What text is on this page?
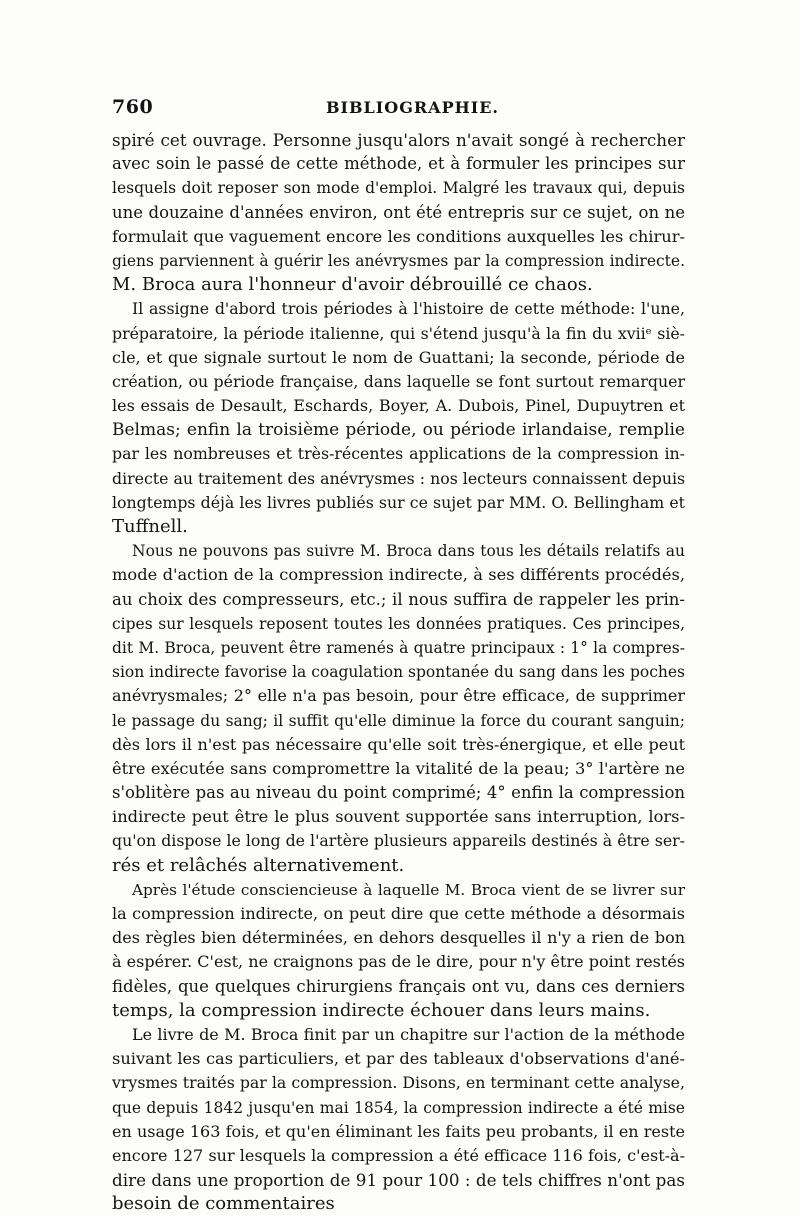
760	BIBLIOGRAPHIE.
spiré cet ouvrage. Personne jusqu'alors n'avait songé à rechercher
avec soin le passé de cette méthode, et à formuler les principes sur
lesquels doit reposer son mode d'emploi. Malgré les travaux qui, depuis
une douzaine d'années environ, ont été entrepris sur ce sujet, on ne
formulait que vaguement encore les conditions auxquelles les chirur-
giens parviennent à guérir les anévrysmes par la compression indirecte.
M. Broca aura l'honneur d'avoir débrouillé ce chaos.
Il assigne d'abord trois périodes à l'histoire de cette méthode: l'une,
préparatoire, la période italienne, qui s'étend jusqu'à la fin du xviiᵉ siè-
cle, et que signale surtout le nom de Guattani; la seconde, période de
création, ou période française, dans laquelle se font surtout remarquer
les essais de Desault, Eschards, Boyer, A. Dubois, Pinel, Dupuytren et
Belmas; enfin la troisième période, ou période irlandaise, remplie
par les nombreuses et très-récentes applications de la compression in-
directe au traitement des anévrysmes : nos lecteurs connaissent depuis
longtemps déjà les livres publiés sur ce sujet par MM. O. Bellingham et
Tuffnell.
Nous ne pouvons pas suivre M. Broca dans tous les détails relatifs au
mode d'action de la compression indirecte, à ses différents procédés,
au choix des compresseurs, etc.; il nous suffira de rappeler les prin-
cipes sur lesquels reposent toutes les données pratiques. Ces principes,
dit M. Broca, peuvent être ramenés à quatre principaux : 1° la compres-
sion indirecte favorise la coagulation spontanée du sang dans les poches
anévrysmales; 2° elle n'a pas besoin, pour être efficace, de supprimer
le passage du sang; il suffit qu'elle diminue la force du courant sanguin;
dès lors il n'est pas nécessaire qu'elle soit très-énergique, et elle peut
être exécutée sans compromettre la vitalité de la peau; 3° l'artère ne
s'oblitère pas au niveau du point comprimé; 4° enfin la compression
indirecte peut être le plus souvent supportée sans interruption, lors-
qu'on dispose le long de l'artère plusieurs appareils destinés à être ser-
rés et relâchés alternativement.
Après l'étude consciencieuse à laquelle M. Broca vient de se livrer sur
la compression indirecte, on peut dire que cette méthode a désormais
des règles bien déterminées, en dehors desquelles il n'y a rien de bon
à espérer. C'est, ne craignons pas de le dire, pour n'y être point restés
fidèles, que quelques chirurgiens français ont vu, dans ces derniers
temps, la compression indirecte échouer dans leurs mains.
Le livre de M. Broca finit par un chapitre sur l'action de la méthode
suivant les cas particuliers, et par des tableaux d'observations d'ané-
vrysmes traités par la compression. Disons, en terminant cette analyse,
que depuis 1842 jusqu'en mai 1854, la compression indirecte a été mise
en usage 163 fois, et qu'en éliminant les faits peu probants, il en reste
encore 127 sur lesquels la compression a été efficace 116 fois, c'est-à-
dire dans une proportion de 91 pour 100 : de tels chiffres n'ont pas
besoin de commentaires
